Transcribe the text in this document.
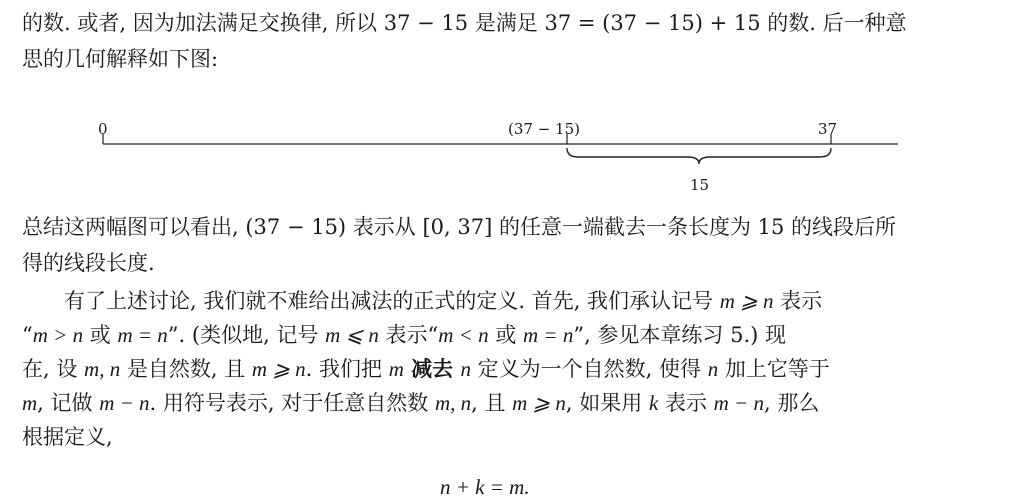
的数. 或者, 因为加法满足交换律, 所以 37 − 15 是满足 37 = (37 − 15) + 15 的数. 后一种意
思的几何解释如下图:
0	(37 − 15)	37
15
总结这两幅图可以看出, (37 − 15) 表示从 [0, 37] 的任意一端截去一条长度为 15 的线段后所
得的线段长度.
有了上述讨论, 我们就不难给出减法的正式的定义. 首先, 我们承认记号 m ⩾ n 表示
“m > n 或 m = n”. (类似地, 记号 m ⩽ n 表示“m < n 或 m = n”, 参见本章练习 5.) 现
在, 设 m, n 是自然数, 且 m ⩾ n. 我们把 m 减去 n 定义为一个自然数, 使得 n 加上它等于
m, 记做 m − n. 用符号表示, 对于任意自然数 m, n, 且 m ⩾ n, 如果用 k 表示 m − n, 那么
根据定义,
n + k = m.
